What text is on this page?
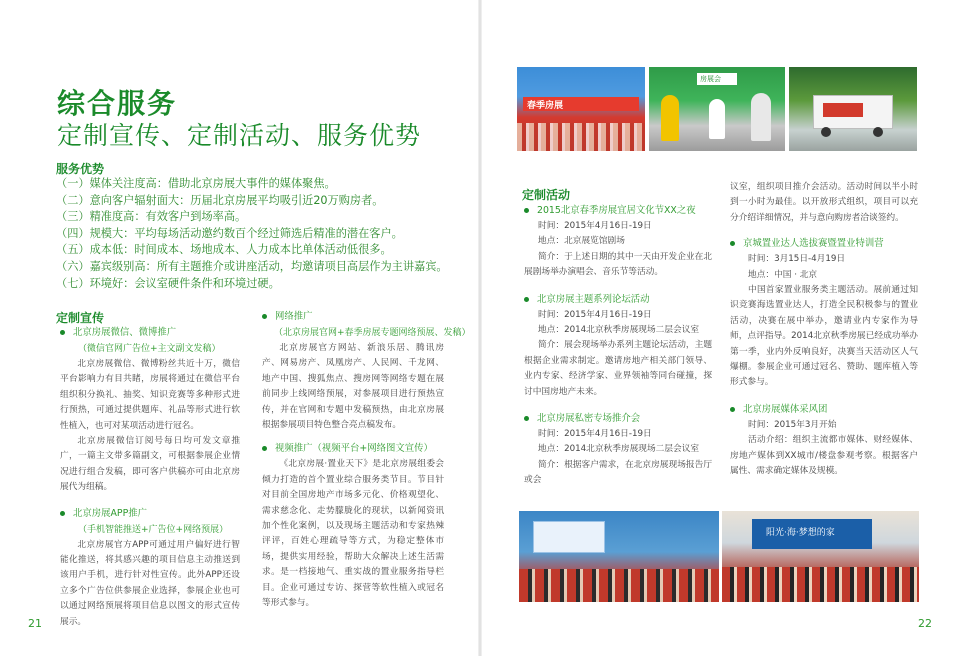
综合服务
定制宣传、定制活动、服务优势
服务优势
（一）媒体关注度高：借助北京房展大事件的媒体聚焦。
（二）意向客户辐射面大：历届北京房展平均吸引近20万购房者。
（三）精准度高：有效客户到场率高。
（四）规模大：平均每场活动邀约数百个经过筛选后精准的潜在客户。
（五）成本低：时间成本、场地成本、人力成本比单体活动低很多。
（六）嘉宾级别高：所有主题推介或讲座活动，均邀请项目高层作为主讲嘉宾。
（七）环境好：会议室硬件条件和环境过硬。
定制宣传
北京房展微信、微博推广
（微信官网广告位+主文副文发稿）

北京房展微信、微博粉丝共近十万，微信平台影响力有目共睹，房展将通过在微信平台组织积分换礼、抽奖、知识竞赛等多种形式进行预热，可通过提供题库、礼品等形式进行软性植入，也可对某项活动进行冠名。

北京房展微信订阅号每日均可发文章推广，一篇主文带多篇副文，可根据参展企业情况进行组合发稿，即可客户供稿亦可由北京房展代为组稿。

北京房展APP推广
（手机智能推送+广告位+网络预展）

北京房展官方APP可通过用户偏好进行智能化推送，将其感兴趣的项目信息主动推送到该用户手机，进行针对性宣传。此外APP还设立多个广告位供参展企业选择，参展企业也可以通过网络预展将项目信息以图文的形式宣传展示。

网络推广
（北京房展官网+春季房展专题网络预展、发稿）

北京房展官方网站、新浪乐居、腾讯房产、网易房产、凤凰房产、人民网、千龙网、地产中国、搜狐焦点、搜房网等网络专题在展前同步上线网络预展，对参展项目进行预热宣传，并在官网和专题中发稿预热，由北京房展根据参展项目特色整合亮点稿发布。

视频推广（视频平台+网络图文宣传）

《北京房展·置业天下》是北京房展组委会倾力打造的首个置业综合服务类节目。节目针对目前全国房地产市场多元化、价格观望化、需求慈念化、走势朦胧化的现状，以新闻资讯加个性化案例，以及现场主题活动和专家热辣评评，百姓心理疏导等方式，为稳定整体市场，提供实用经验，帮助大众解决上述生活需求。是一档接地气、重实战的置业服务指导栏目。企业可通过专访、探营等软性植入或冠名等形式参与。

21
春季房展
房展会
定制活动
2015北京春季房展宜居文化节XX之夜

时间：2015年4月16日-19日

地点：北京展览馆剧场

简介：于上述日期的其中一天由开发企业在北展剧场举办演唱会、音乐节等活动。

北京房展主题系列论坛活动

时间：2015年4月16日-19日

地点：2014北京秋季房展现场二层会议室

简介：展会现场举办系列主题论坛活动，主题根据企业需求制定。邀请房地产相关部门领导、业内专家、经济学家、业界领袖等同台碰撞，探讨中国房地产未来。

北京房展私密专场推介会

时间：2015年4月16日-19日

地点：2014北京秋季房展现场二层会议室

简介：根据客户需求，在北京房展现场报告厅或会

议室，组织项目推介会活动。活动时间以半小时到一小时为最佳。以开放形式组织，项目可以充分介绍详细情况，并与意向购房者洽谈签约。

京城置业达人选拔赛暨置业特训营

时间：3月15日-4月19日

地点：中国 · 北京

中国首家置业服务类主题活动。展前通过知识竞赛海选置业达人，打造全民积极参与的置业活动，决赛在展中举办，邀请业内专家作为导师，点评指导。2014北京秋季房展已经成功举办第一季，业内外反响良好，决赛当天活动区人气爆棚。参展企业可通过冠名、赞助、题库植入等形式参与。

北京房展媒体采风团

时间：2015年3月开始

活动介绍：组织主流都市媒体、财经媒体、房地产媒体到XX城市/楼盘参观考察。根据客户属性、需求确定媒体及规模。

阳光·海·梦想的家
22
